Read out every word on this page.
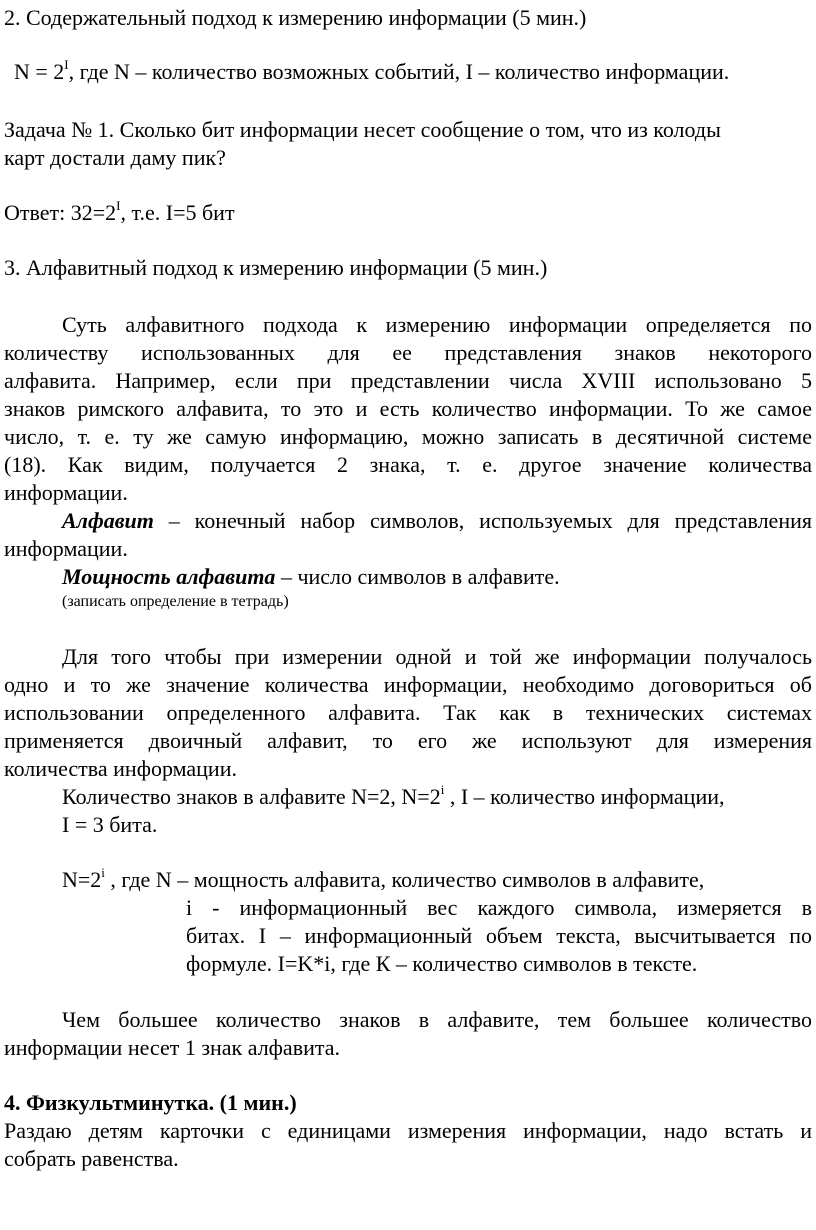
2. Содержательный подход к измерению информации (5 мин.)
$N = 2^I$, где N – количество возможных событий, I – количество информации.
Задача № 1. Сколько бит информации несет сообщение о том, что из колоды
карт достали даму пик?
Ответ: $32=2^I$, т.е. I=5 бит
3. Алфавитный подход к измерению информации (5 мин.)
Суть алфавитного подхода к измерению информации определяется по
количеству использованных для ее представления знаков некоторого
алфавита. Например, если при представлении числа XVIII использовано 5
знаков римского алфавита, то это и есть количество информации. То же самое
число, т. е. ту же самую информацию, можно записать в десятичной системе
(18). Как видим, получается 2 знака, т. е. другое значение количества
информации.
Алфавит – конечный набор символов, используемых для представления
информации.
Мощность алфавита – число символов в алфавите.
(записать определение в тетрадь)
Для того чтобы при измерении одной и той же информации получалось
одно и то же значение количества информации, необходимо договориться об
использовании определенного алфавита. Так как в технических системах
применяется двоичный алфавит, то его же используют для измерения
количества информации.
Количество знаков в алфавите N=2, $N=2^i$ , I – количество информации,
I = 3 бита.
$N=2^i$ , где N – мощность алфавита, количество символов в алфавите,
i - информационный вес каждого символа, измеряется в
битах. I – информационный объем текста, высчитывается по
формуле. I=K*i, где К – количество символов в тексте.
Чем большее количество знаков в алфавите, тем большее количество
информации несет 1 знак алфавита.
4. Физкультминутка. (1 мин.)
Раздаю детям карточки с единицами измерения информации, надо встать и
собрать равенства.
